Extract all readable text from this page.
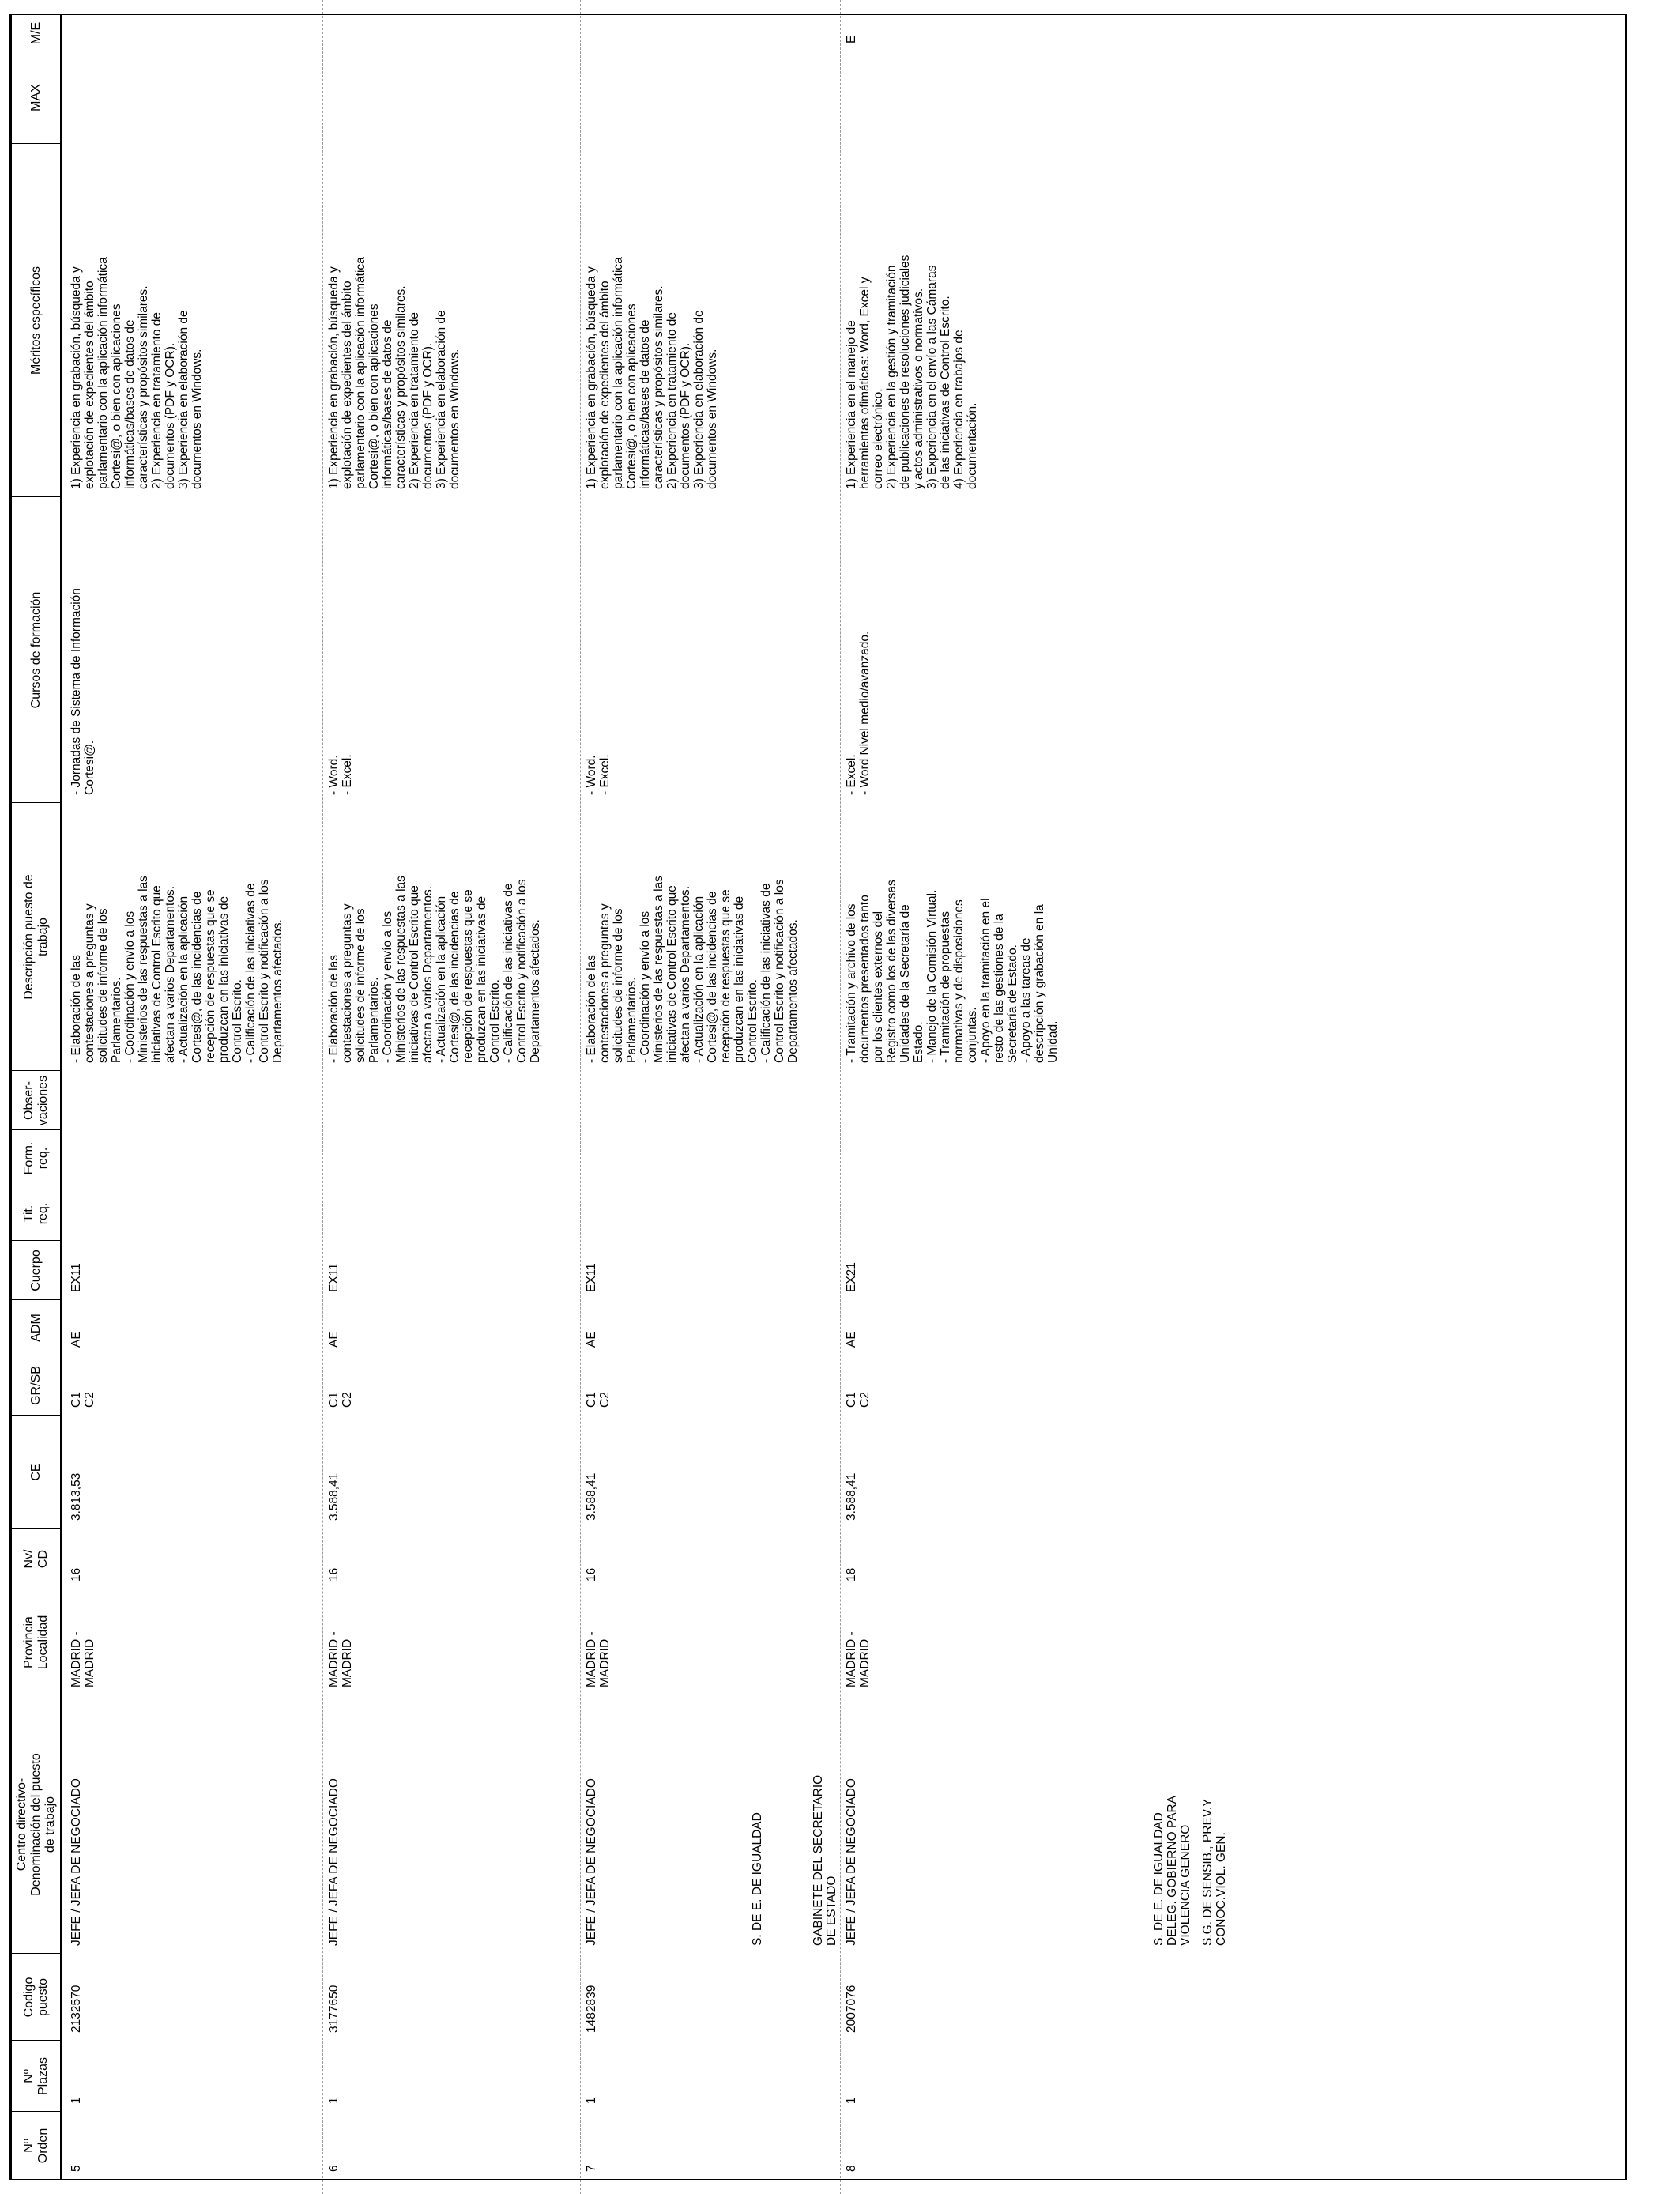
Nº
Orden
Nº
Plazas
Codigo
puesto
Centro directivo-
Denominación del puesto
de trabajo
Provincia
Localidad
Nv/
CD
CE
GR/SB
ADM
Cuerpo
Tit.
req.
Form.
req.
Obser-
vaciones
Descripción puesto de
trabajo
Cursos de formación
Méritos específicos
MAX
M/E
5
1
2132570
JEFE / JEFA DE NEGOCIADO
MADRID -
MADRID
16
3.813,53
C1
C2
AE
EX11
- Elaboración de las
contestaciones a preguntas y
solicitudes de informe de los
Parlamentarios.
- Coordinación y envío a los
Ministerios de las respuestas a las
iniciativas de Control Escrito que
afectan a varios Departamentos.
- Actualización en la aplicación
Cortesi@, de las incidencias de
recepción de respuestas que se
produzcan en las iniciativas de
Control Escrito.
- Calificación de las iniciativas de
Control Escrito y notificación a los
Departamentos afectados.
- Jornadas de Sistema de Información
Cortesi@.
1) Experiencia en grabación, búsqueda y
explotación de expedientes del ámbito
parlamentario con la aplicación informática
Cortesi@, o bien con aplicaciones
informáticas/bases de datos de
características y propósitos similares.
2) Experiencia en tratamiento de
documentos (PDF y OCR).
3) Experiencia en elaboración de
documentos en Windows.
6
1
3177650
JEFE / JEFA DE NEGOCIADO
MADRID -
MADRID
16
3.588,41
C1
C2
AE
EX11
- Elaboración de las
contestaciones a preguntas y
solicitudes de informe de los
Parlamentarios.
- Coordinación y envío a los
Ministerios de las respuestas a las
iniciativas de Control Escrito que
afectan a varios Departamentos.
- Actualización en la aplicación
Cortesi@, de las incidencias de
recepción de respuestas que se
produzcan en las iniciativas de
Control Escrito.
- Calificación de las iniciativas de
Control Escrito y notificación a los
Departamentos afectados.
- Word.
- Excel.
1) Experiencia en grabación, búsqueda y
explotación de expedientes del ámbito
parlamentario con la aplicación informática
Cortesi@, o bien con aplicaciones
informáticas/bases de datos de
características y propósitos similares.
2) Experiencia en tratamiento de
documentos (PDF y OCR).
3) Experiencia en elaboración de
documentos en Windows.
7
1
1482839
JEFE / JEFA DE NEGOCIADO
MADRID -
MADRID
16
3.588,41
C1
C2
AE
EX11
- Elaboración de las
contestaciones a preguntas y
solicitudes de informe de los
Parlamentarios.
- Coordinación y envío a los
Ministerios de las respuestas a las
iniciativas de Control Escrito que
afectan a varios Departamentos.
- Actualización en la aplicación
Cortesi@, de las incidencias de
recepción de respuestas que se
produzcan en las iniciativas de
Control Escrito.
- Calificación de las iniciativas de
Control Escrito y notificación a los
Departamentos afectados.
- Word.
- Excel.
1) Experiencia en grabación, búsqueda y
explotación de expedientes del ámbito
parlamentario con la aplicación informática
Cortesi@, o bien con aplicaciones
informáticas/bases de datos de
características y propósitos similares.
2) Experiencia en tratamiento de
documentos (PDF y OCR).
3) Experiencia en elaboración de
documentos en Windows.
S. DE E. DE IGUALDAD	GABINETE DEL SECRETARIO
DE ESTADO
8
1
2007076
JEFE / JEFA DE NEGOCIADO
MADRID -
MADRID
18
3.588,41
C1
C2
AE
EX21
- Tramitación y archivo de los
documentos presentados tanto
por los clientes externos del
Registro como los de las diversas
Unidades de la Secretaría de
Estado.
- Manejo de la Comisión Virtual.
- Tramitación de propuestas
normativas y de disposiciones
conjuntas.
- Apoyo en la tramitación en el
resto de las gestiones de la
Secretaría de Estado.
- Apoyo a las tareas de
descripción y grabación en la
Unidad.
- Excel.
- Word Nivel medio/avanzado.
1) Experiencia en el manejo de
herramientas ofimáticas: Word, Excel y
correo electrónico.
2) Experiencia en la gestión y tramitación
de publicaciones de resoluciones judiciales
y actos administrativos o normativos.
3) Experiencia en el envío a las Cámaras
de las iniciativas de Control Escrito.
4) Experiencia en trabajos de
documentación.
E
S. DE E. DE IGUALDAD
DELEG. GOBIERNO PARA
VIOLENCIA GENERO
S.G. DE SENSIB., PREV.Y
CONOC.VIOL. GEN.
